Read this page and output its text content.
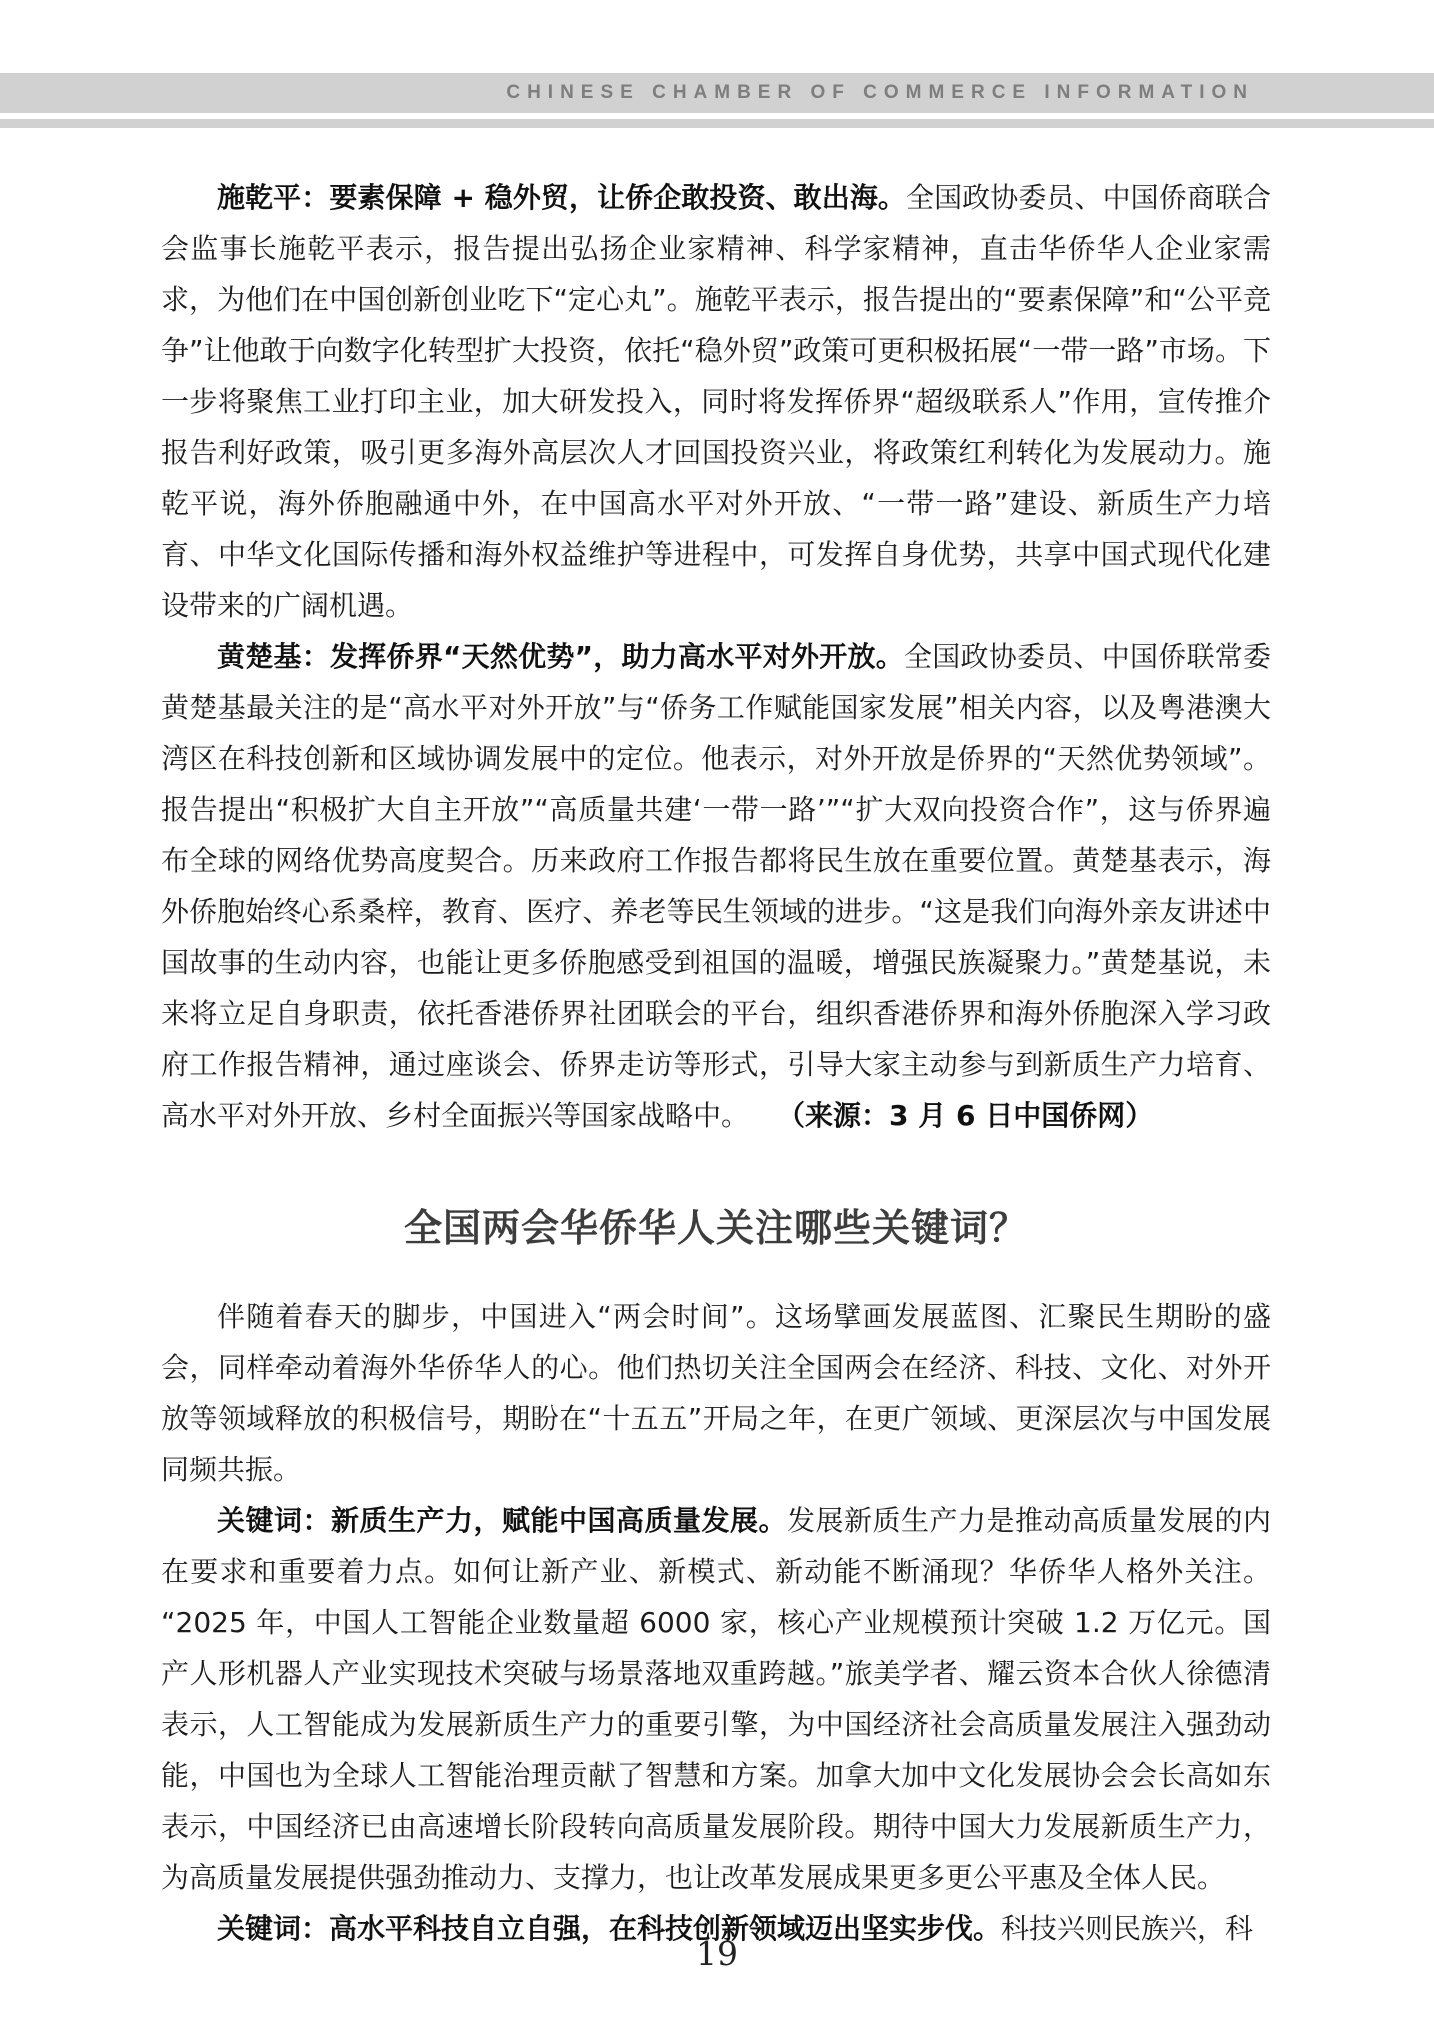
CHINESE CHAMBER OF COMMERCE INFORMATION

施乾平：要素保障 + 稳外贸，让侨企敢投资、敢出海。全国政协委员、中国侨商联合会监事长施乾平表示，报告提出弘扬企业家精神、科学家精神，直击华侨华人企业家需求，为他们在中国创新创业吃下“定心丸”。施乾平表示，报告提出的“要素保障”和“公平竞争”让他敢于向数字化转型扩大投资，依托“稳外贸”政策可更积极拓展“一带一路”市场。下一步将聚焦工业打印主业，加大研发投入，同时将发挥侨界“超级联系人”作用，宣传推介报告利好政策，吸引更多海外高层次人才回国投资兴业，将政策红利转化为发展动力。施乾平说，海外侨胞融通中外，在中国高水平对外开放、“一带一路”建设、新质生产力培育、中华文化国际传播和海外权益维护等进程中，可发挥自身优势，共享中国式现代化建设带来的广阔机遇。

黄楚基：发挥侨界“天然优势”，助力高水平对外开放。全国政协委员、中国侨联常委黄楚基最关注的是“高水平对外开放”与“侨务工作赋能国家发展”相关内容，以及粤港澳大湾区在科技创新和区域协调发展中的定位。他表示，对外开放是侨界的“天然优势领域”。报告提出“积极扩大自主开放”“高质量共建‘一带一路’”“扩大双向投资合作”，这与侨界遍布全球的网络优势高度契合。历来政府工作报告都将民生放在重要位置。黄楚基表示，海外侨胞始终心系桑梓，教育、医疗、养老等民生领域的进步。“这是我们向海外亲友讲述中国故事的生动内容，也能让更多侨胞感受到祖国的温暖，增强民族凝聚力。”黄楚基说，未来将立足自身职责，依托香港侨界社团联会的平台，组织香港侨界和海外侨胞深入学习政府工作报告精神，通过座谈会、侨界走访等形式，引导大家主动参与到新质生产力培育、高水平对外开放、乡村全面振兴等国家战略中。 （来源：3 月 6 日中国侨网）

全国两会华侨华人关注哪些关键词？

伴随着春天的脚步，中国进入“两会时间”。这场擘画发展蓝图、汇聚民生期盼的盛会，同样牵动着海外华侨华人的心。他们热切关注全国两会在经济、科技、文化、对外开放等领域释放的积极信号，期盼在“十五五”开局之年，在更广领域、更深层次与中国发展同频共振。

关键词：新质生产力，赋能中国高质量发展。发展新质生产力是推动高质量发展的内在要求和重要着力点。如何让新产业、新模式、新动能不断涌现？华侨华人格外关注。“2025 年，中国人工智能企业数量超 6000 家，核心产业规模预计突破 1.2 万亿元。国产人形机器人产业实现技术突破与场景落地双重跨越。”旅美学者、耀云资本合伙人徐德清表示，人工智能成为发展新质生产力的重要引擎，为中国经济社会高质量发展注入强劲动能，中国也为全球人工智能治理贡献了智慧和方案。加拿大加中文化发展协会会长高如东表示，中国经济已由高速增长阶段转向高质量发展阶段。期待中国大力发展新质生产力，为高质量发展提供强劲推动力、支撑力，也让改革发展成果更多更公平惠及全体人民。

关键词：高水平科技自立自强，在科技创新领域迈出坚实步伐。科技兴则民族兴，科

19
